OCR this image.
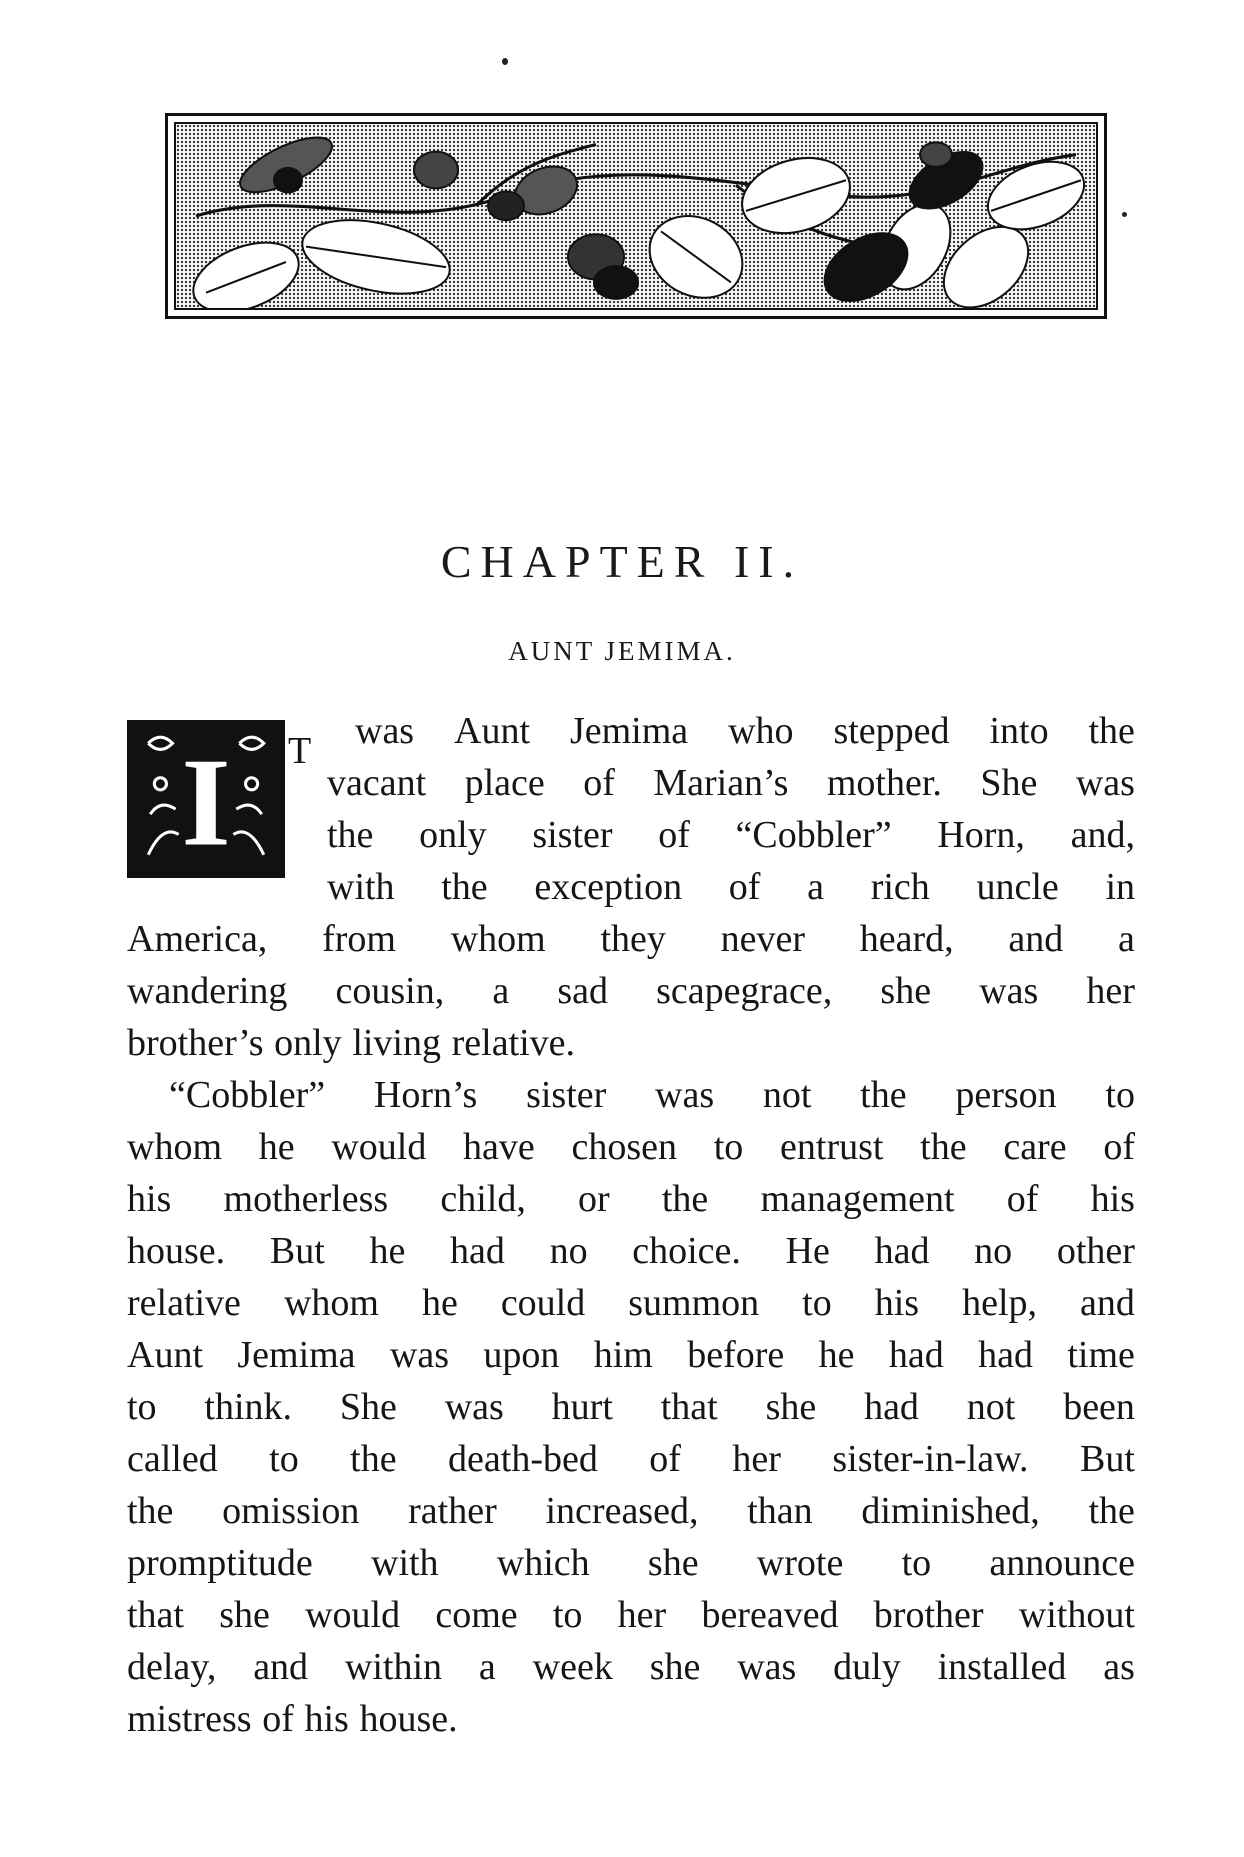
CHAPTER II.
AUNT JEMIMA.
I T was Aunt Jemima who stepped into the
vacant place of Marian’s mother. She was
the only sister of “Cobbler” Horn, and,
with the exception of a rich uncle in
America, from whom they never heard, and a
wandering cousin, a sad scapegrace, she was her
brother’s only living relative.
“Cobbler” Horn’s sister was not the person to
whom he would have chosen to entrust the care of
his motherless child, or the management of his
house. But he had no choice. He had no other
relative whom he could summon to his help, and
Aunt Jemima was upon him before he had had time
to think. She was hurt that she had not been
called to the death-bed of her sister-in-law. But
the omission rather increased, than diminished, the
promptitude with which she wrote to announce
that she would come to her bereaved brother without
delay, and within a week she was duly installed as
mistress of his house.
